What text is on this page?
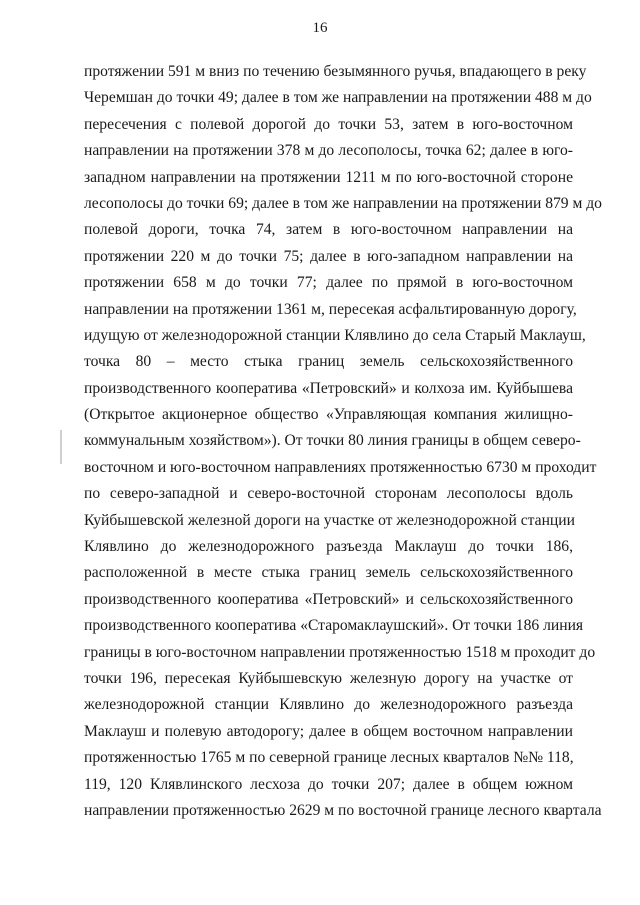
16
протяжении 591 м вниз по течению безымянного ручья, впадающего в реку
Черемшан до точки 49; далее в том же направлении на протяжении 488 м до
пересечения с полевой дорогой до точки 53, затем в юго-восточном
направлении на протяжении 378 м до лесополосы, точка 62; далее в юго-
западном направлении на протяжении 1211 м по юго-восточной стороне
лесополосы до точки 69; далее в том же направлении на протяжении 879 м до
полевой дороги, точка 74, затем в юго-восточном направлении на
протяжении 220 м до точки 75; далее в юго-западном направлении на
протяжении 658 м до точки 77; далее по прямой в юго-восточном
направлении на протяжении 1361 м, пересекая асфальтированную дорогу,
идущую от железнодорожной станции Клявлино до села Старый Маклауш,
точка 80 – место стыка границ земель сельскохозяйственного
производственного кооператива «Петровский» и колхоза им. Куйбышева
(Открытое акционерное общество «Управляющая компания жилищно-
коммунальным хозяйством»). От точки 80 линия границы в общем северо-
восточном и юго-восточном направлениях протяженностью 6730 м проходит
по северо-западной и северо-восточной сторонам лесополосы вдоль
Куйбышевской железной дороги на участке от железнодорожной станции
Клявлино до железнодорожного разъезда Маклауш до точки 186,
расположенной в месте стыка границ земель сельскохозяйственного
производственного кооператива «Петровский» и сельскохозяйственного
производственного кооператива «Старомаклаушский». От точки 186 линия
границы в юго-восточном направлении протяженностью 1518 м проходит до
точки 196, пересекая Куйбышевскую железную дорогу на участке от
железнодорожной станции Клявлино до железнодорожного разъезда
Маклауш и полевую автодорогу; далее в общем восточном направлении
протяженностью 1765 м по северной границе лесных кварталов №№ 118,
119, 120 Клявлинского лесхоза до точки 207; далее в общем южном
направлении протяженностью 2629 м по восточной границе лесного квартала
